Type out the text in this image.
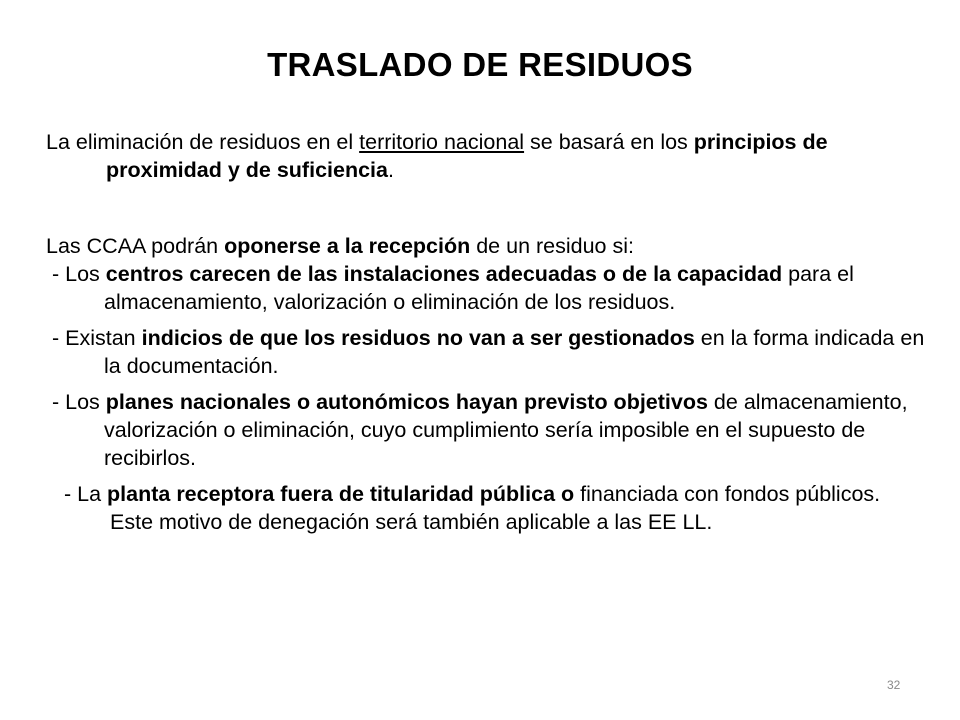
TRASLADO DE RESIDUOS

La eliminación de residuos en el territorio nacional se basará en los principios de proximidad y de suficiencia.

Las CCAA podrán oponerse a la recepción de un residuo si:

- Los centros carecen de las instalaciones adecuadas o de la capacidad para el almacenamiento, valorización o eliminación de los residuos.

- Existan indicios de que los residuos no van a ser gestionados en la forma indicada en la documentación.

- Los planes nacionales o autonómicos hayan previsto objetivos de almacenamiento, valorización o eliminación, cuyo cumplimiento sería imposible en el supuesto de recibirlos.

- La planta receptora fuera de titularidad pública o financiada con fondos públicos. Este motivo de denegación será también aplicable a las EE LL.

32
